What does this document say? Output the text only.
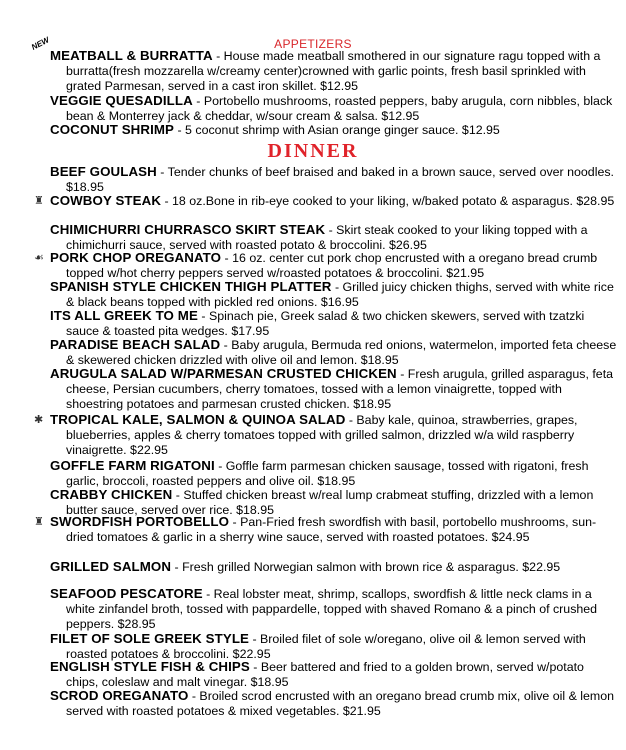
APPETIZERS
NEW
MEATBALL & BURRATTA - House made meatball smothered in our signature ragu topped with a burratta(fresh mozzarella w/creamy center)crowned with garlic points, fresh basil sprinkled with grated Parmesan, served in a cast iron skillet. $12.95
VEGGIE QUESADILLA - Portobello mushrooms, roasted peppers, baby arugula, corn nibbles, black bean & Monterrey jack & cheddar, w/sour cream & salsa. $12.95
COCONUT SHRIMP - 5 coconut shrimp with Asian orange ginger sauce. $12.95
DINNER
BEEF GOULASH - Tender chunks of beef braised and baked in a brown sauce, served over noodles. $18.95
♜ COWBOY STEAK - 18 oz.Bone in rib-eye cooked to your liking, w/baked potato & asparagus. $28.95
CHIMICHURRI CHURRASCO SKIRT STEAK - Skirt steak cooked to your liking topped with a chimichurri sauce, served with roasted potato & broccolini. $26.95
☙ PORK CHOP OREGANATO - 16 oz. center cut pork chop encrusted with a oregano bread crumb topped w/hot cherry peppers served w/roasted potatoes & broccolini. $21.95
SPANISH STYLE CHICKEN THIGH PLATTER - Grilled juicy chicken thighs, served with white rice & black beans topped with pickled red onions. $16.95
ITS ALL GREEK TO ME - Spinach pie, Greek salad & two chicken skewers, served with tzatzki sauce & toasted pita wedges. $17.95
PARADISE BEACH SALAD - Baby arugula, Bermuda red onions, watermelon, imported feta cheese & skewered chicken drizzled with olive oil and lemon. $18.95
ARUGULA SALAD W/PARMESAN CRUSTED CHICKEN - Fresh arugula, grilled asparagus, feta cheese, Persian cucumbers, cherry tomatoes, tossed with a lemon vinaigrette, topped with shoestring potatoes and parmesan crusted chicken. $18.95
✱ TROPICAL KALE, SALMON & QUINOA SALAD - Baby kale, quinoa, strawberries, grapes, blueberries, apples & cherry tomatoes topped with grilled salmon, drizzled w/a wild raspberry vinaigrette. $22.95
GOFFLE FARM RIGATONI - Goffle farm parmesan chicken sausage, tossed with rigatoni, fresh garlic, broccoli, roasted peppers and olive oil. $18.95
CRABBY CHICKEN - Stuffed chicken breast w/real lump crabmeat stuffing, drizzled with a lemon butter sauce, served over rice. $18.95
♜ SWORDFISH PORTOBELLO - Pan-Fried fresh swordfish with basil, portobello mushrooms, sun-dried tomatoes & garlic in a sherry wine sauce, served with roasted potatoes. $24.95
GRILLED SALMON - Fresh grilled Norwegian salmon with brown rice & asparagus. $22.95
SEAFOOD PESCATORE - Real lobster meat, shrimp, scallops, swordfish & little neck clams in a white zinfandel broth, tossed with pappardelle, topped with shaved Romano & a pinch of crushed peppers. $28.95
FILET OF SOLE GREEK STYLE - Broiled filet of sole w/oregano, olive oil & lemon served with roasted potatoes & broccolini. $22.95
ENGLISH STYLE FISH & CHIPS - Beer battered and fried to a golden brown, served w/potato chips, coleslaw and malt vinegar. $18.95
SCROD OREGANATO - Broiled scrod encrusted with an oregano bread crumb mix, olive oil & lemon served with roasted potatoes & mixed vegetables. $21.95
